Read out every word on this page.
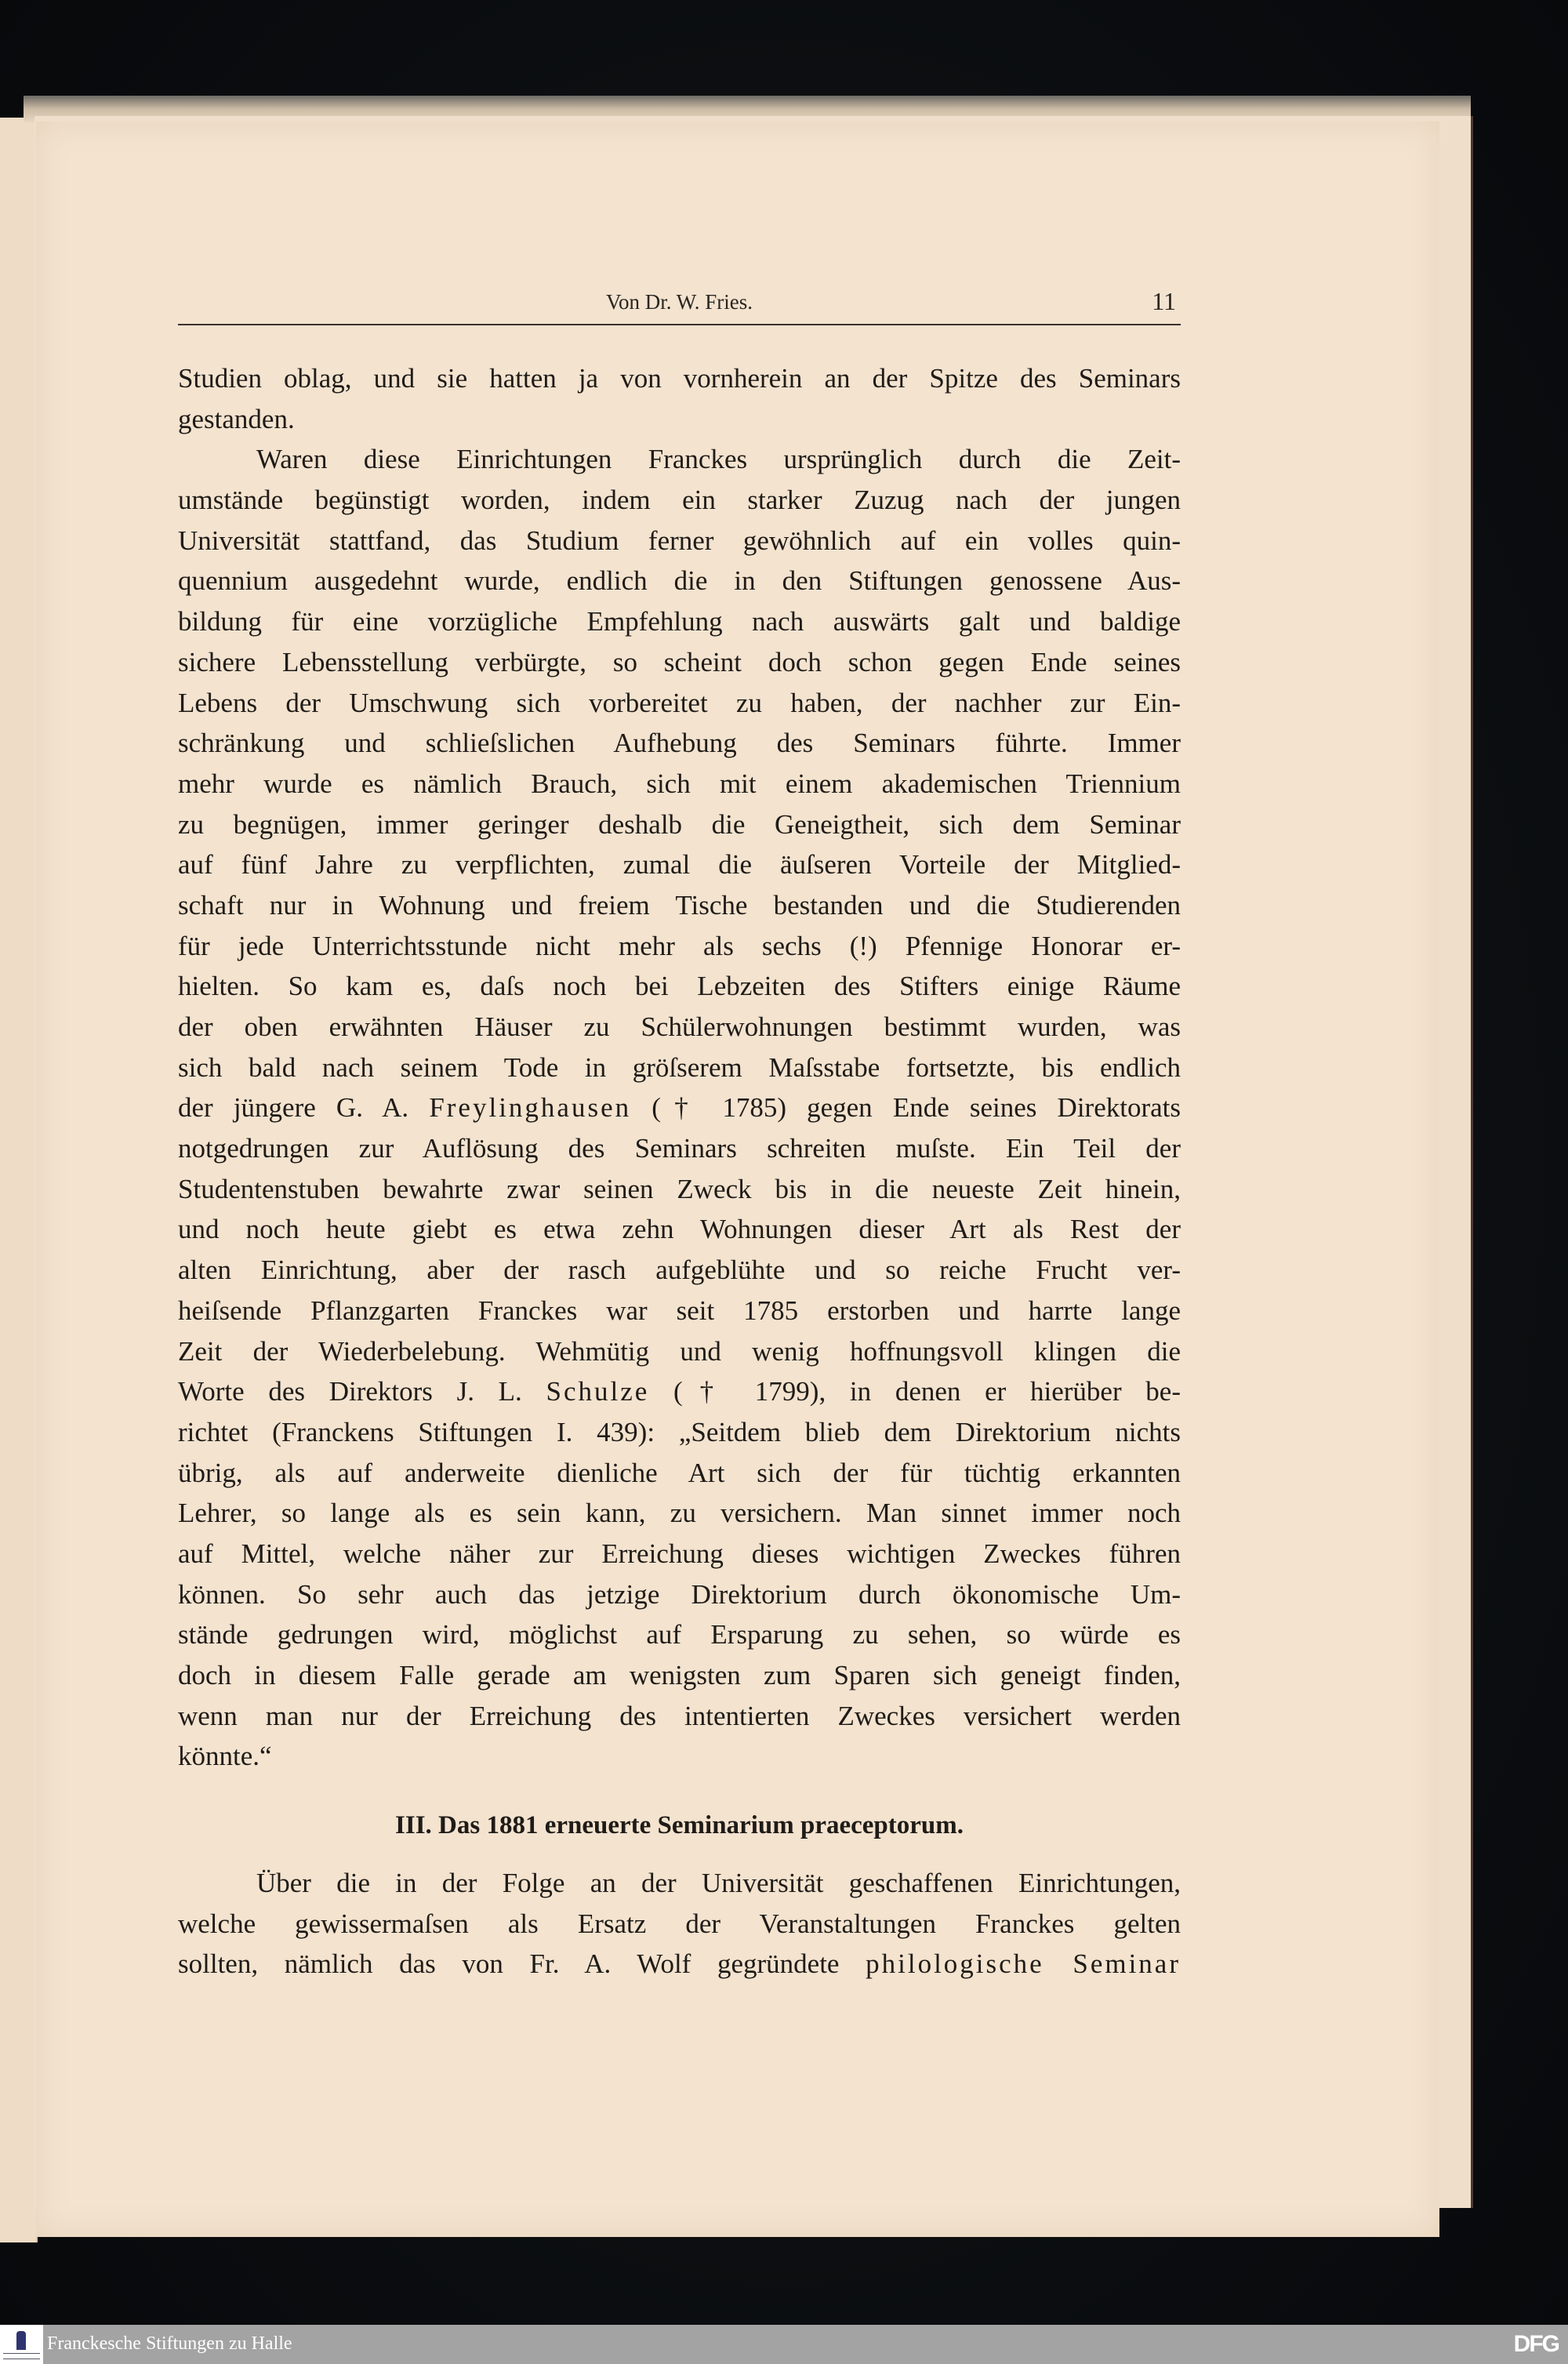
Von Dr. W. Fries.	11
Studien oblag, und sie hatten ja von vornherein an der Spitze des Seminars
gestanden.
Waren diese Einrichtungen Franckes ursprünglich durch die Zeit-
umstände begünstigt worden, indem ein starker Zuzug nach der jungen
Universität stattfand, das Studium ferner gewöhnlich auf ein volles quin-
quennium ausgedehnt wurde, endlich die in den Stiftungen genossene Aus-
bildung für eine vorzügliche Empfehlung nach auswärts galt und baldige
sichere Lebensstellung verbürgte, so scheint doch schon gegen Ende seines
Lebens der Umschwung sich vorbereitet zu haben, der nachher zur Ein-
schränkung und schlieſslichen Aufhebung des Seminars führte. Immer
mehr wurde es nämlich Brauch, sich mit einem akademischen Triennium
zu begnügen, immer geringer deshalb die Geneigtheit, sich dem Seminar
auf fünf Jahre zu verpflichten, zumal die äuſseren Vorteile der Mitglied-
schaft nur in Wohnung und freiem Tische bestanden und die Studierenden
für jede Unterrichtsstunde nicht mehr als sechs (!) Pfennige Honorar er-
hielten. So kam es, daſs noch bei Lebzeiten des Stifters einige Räume
der oben erwähnten Häuser zu Schülerwohnungen bestimmt wurden, was
sich bald nach seinem Tode in gröſserem Maſsstabe fortsetzte, bis endlich
der jüngere G. A. Freylinghausen († 1785) gegen Ende seines Direktorats
notgedrungen zur Auflösung des Seminars schreiten muſste. Ein Teil der
Studentenstuben bewahrte zwar seinen Zweck bis in die neueste Zeit hinein,
und noch heute giebt es etwa zehn Wohnungen dieser Art als Rest der
alten Einrichtung, aber der rasch aufgeblühte und so reiche Frucht ver-
heiſsende Pflanzgarten Franckes war seit 1785 erstorben und harrte lange
Zeit der Wiederbelebung. Wehmütig und wenig hoffnungsvoll klingen die
Worte des Direktors J. L. Schulze († 1799), in denen er hierüber be-
richtet (Franckens Stiftungen I. 439): „Seitdem blieb dem Direktorium nichts
übrig, als auf anderweite dienliche Art sich der für tüchtig erkannten
Lehrer, so lange als es sein kann, zu versichern. Man sinnet immer noch
auf Mittel, welche näher zur Erreichung dieses wichtigen Zweckes führen
können. So sehr auch das jetzige Direktorium durch ökonomische Um-
stände gedrungen wird, möglichst auf Ersparung zu sehen, so würde es
doch in diesem Falle gerade am wenigsten zum Sparen sich geneigt finden,
wenn man nur der Erreichung des intentierten Zweckes versichert werden
könnte.“
III. Das 1881 erneuerte Seminarium praeceptorum.
Über die in der Folge an der Universität geschaffenen Einrichtungen,
welche gewissermaſsen als Ersatz der Veranstaltungen Franckes gelten
sollten, nämlich das von Fr. A. Wolf gegründete philologische Seminar
Franckesche Stiftungen zu Halle	DFG
